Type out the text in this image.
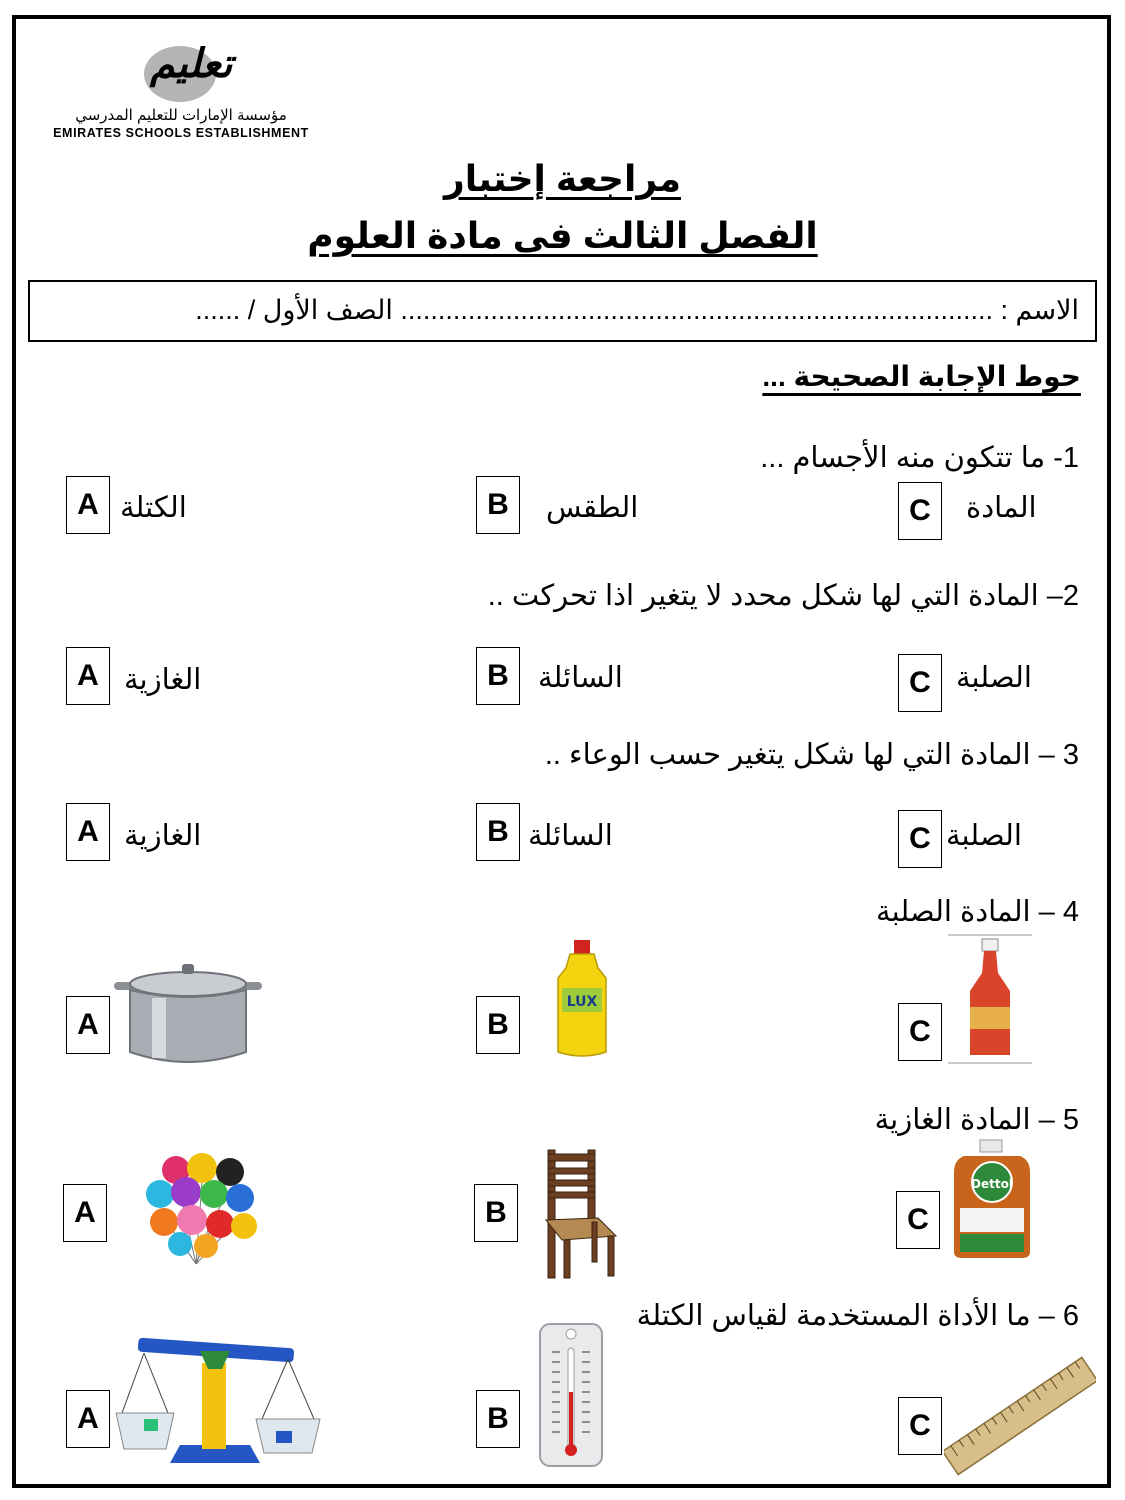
تعليم
مؤسسة الإمارات للتعليم المدرسي
EMIRATES SCHOOLS ESTABLISHMENT
مراجعة إختبار
الفصل الثالث فى مادة العلوم
الاسم : ............................................................................... الصف الأول / ......
حوط الإجابة الصحيحة ...
1- ما تتكون منه الأجسام ...
A الكتلة	B	الطقس	C	المادة
2– المادة التي لها شكل محدد لا يتغير اذا تحركت ..
A الغازية	B	السائلة	C الصلبة
3 – المادة التي لها شكل يتغير حسب الوعاء ..
A الغازية	B السائلة	C الصلبة
4 – المادة الصلبة
A	B
LUX
C
5 – المادة الغازية
A	B	C
Dettol
6 – ما الأداة المستخدمة لقياس الكتلة
A	B	C
